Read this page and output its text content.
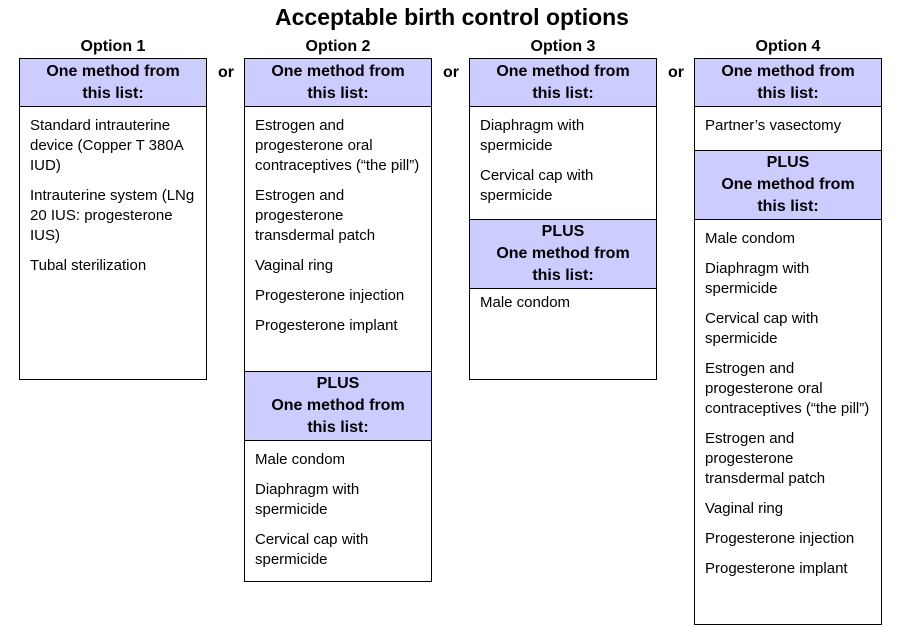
Acceptable birth control options
Option 1	Option 2	Option 3	Option 4
or	or	or
One method from
this list:
Standard intrauterine device (Copper T 380A IUD)
Intrauterine system (LNg 20 IUS: progesterone IUS)
Tubal sterilization
One method from
this list:
Estrogen and progesterone oral contraceptives (“the pill”)
Estrogen and progesterone transdermal patch
Vaginal ring
Progesterone injection
Progesterone implant
PLUS
One method from
this list:
Male condom
Diaphragm with spermicide
Cervical cap with spermicide
One method from
this list:
Diaphragm with spermicide
Cervical cap with spermicide
PLUS
One method from
this list:
Male condom
One method from
this list:
Partner’s vasectomy
PLUS
One method from
this list:
Male condom
Diaphragm with spermicide
Cervical cap with spermicide
Estrogen and progesterone oral contraceptives (“the pill”)
Estrogen and progesterone transdermal patch
Vaginal ring
Progesterone injection
Progesterone implant
